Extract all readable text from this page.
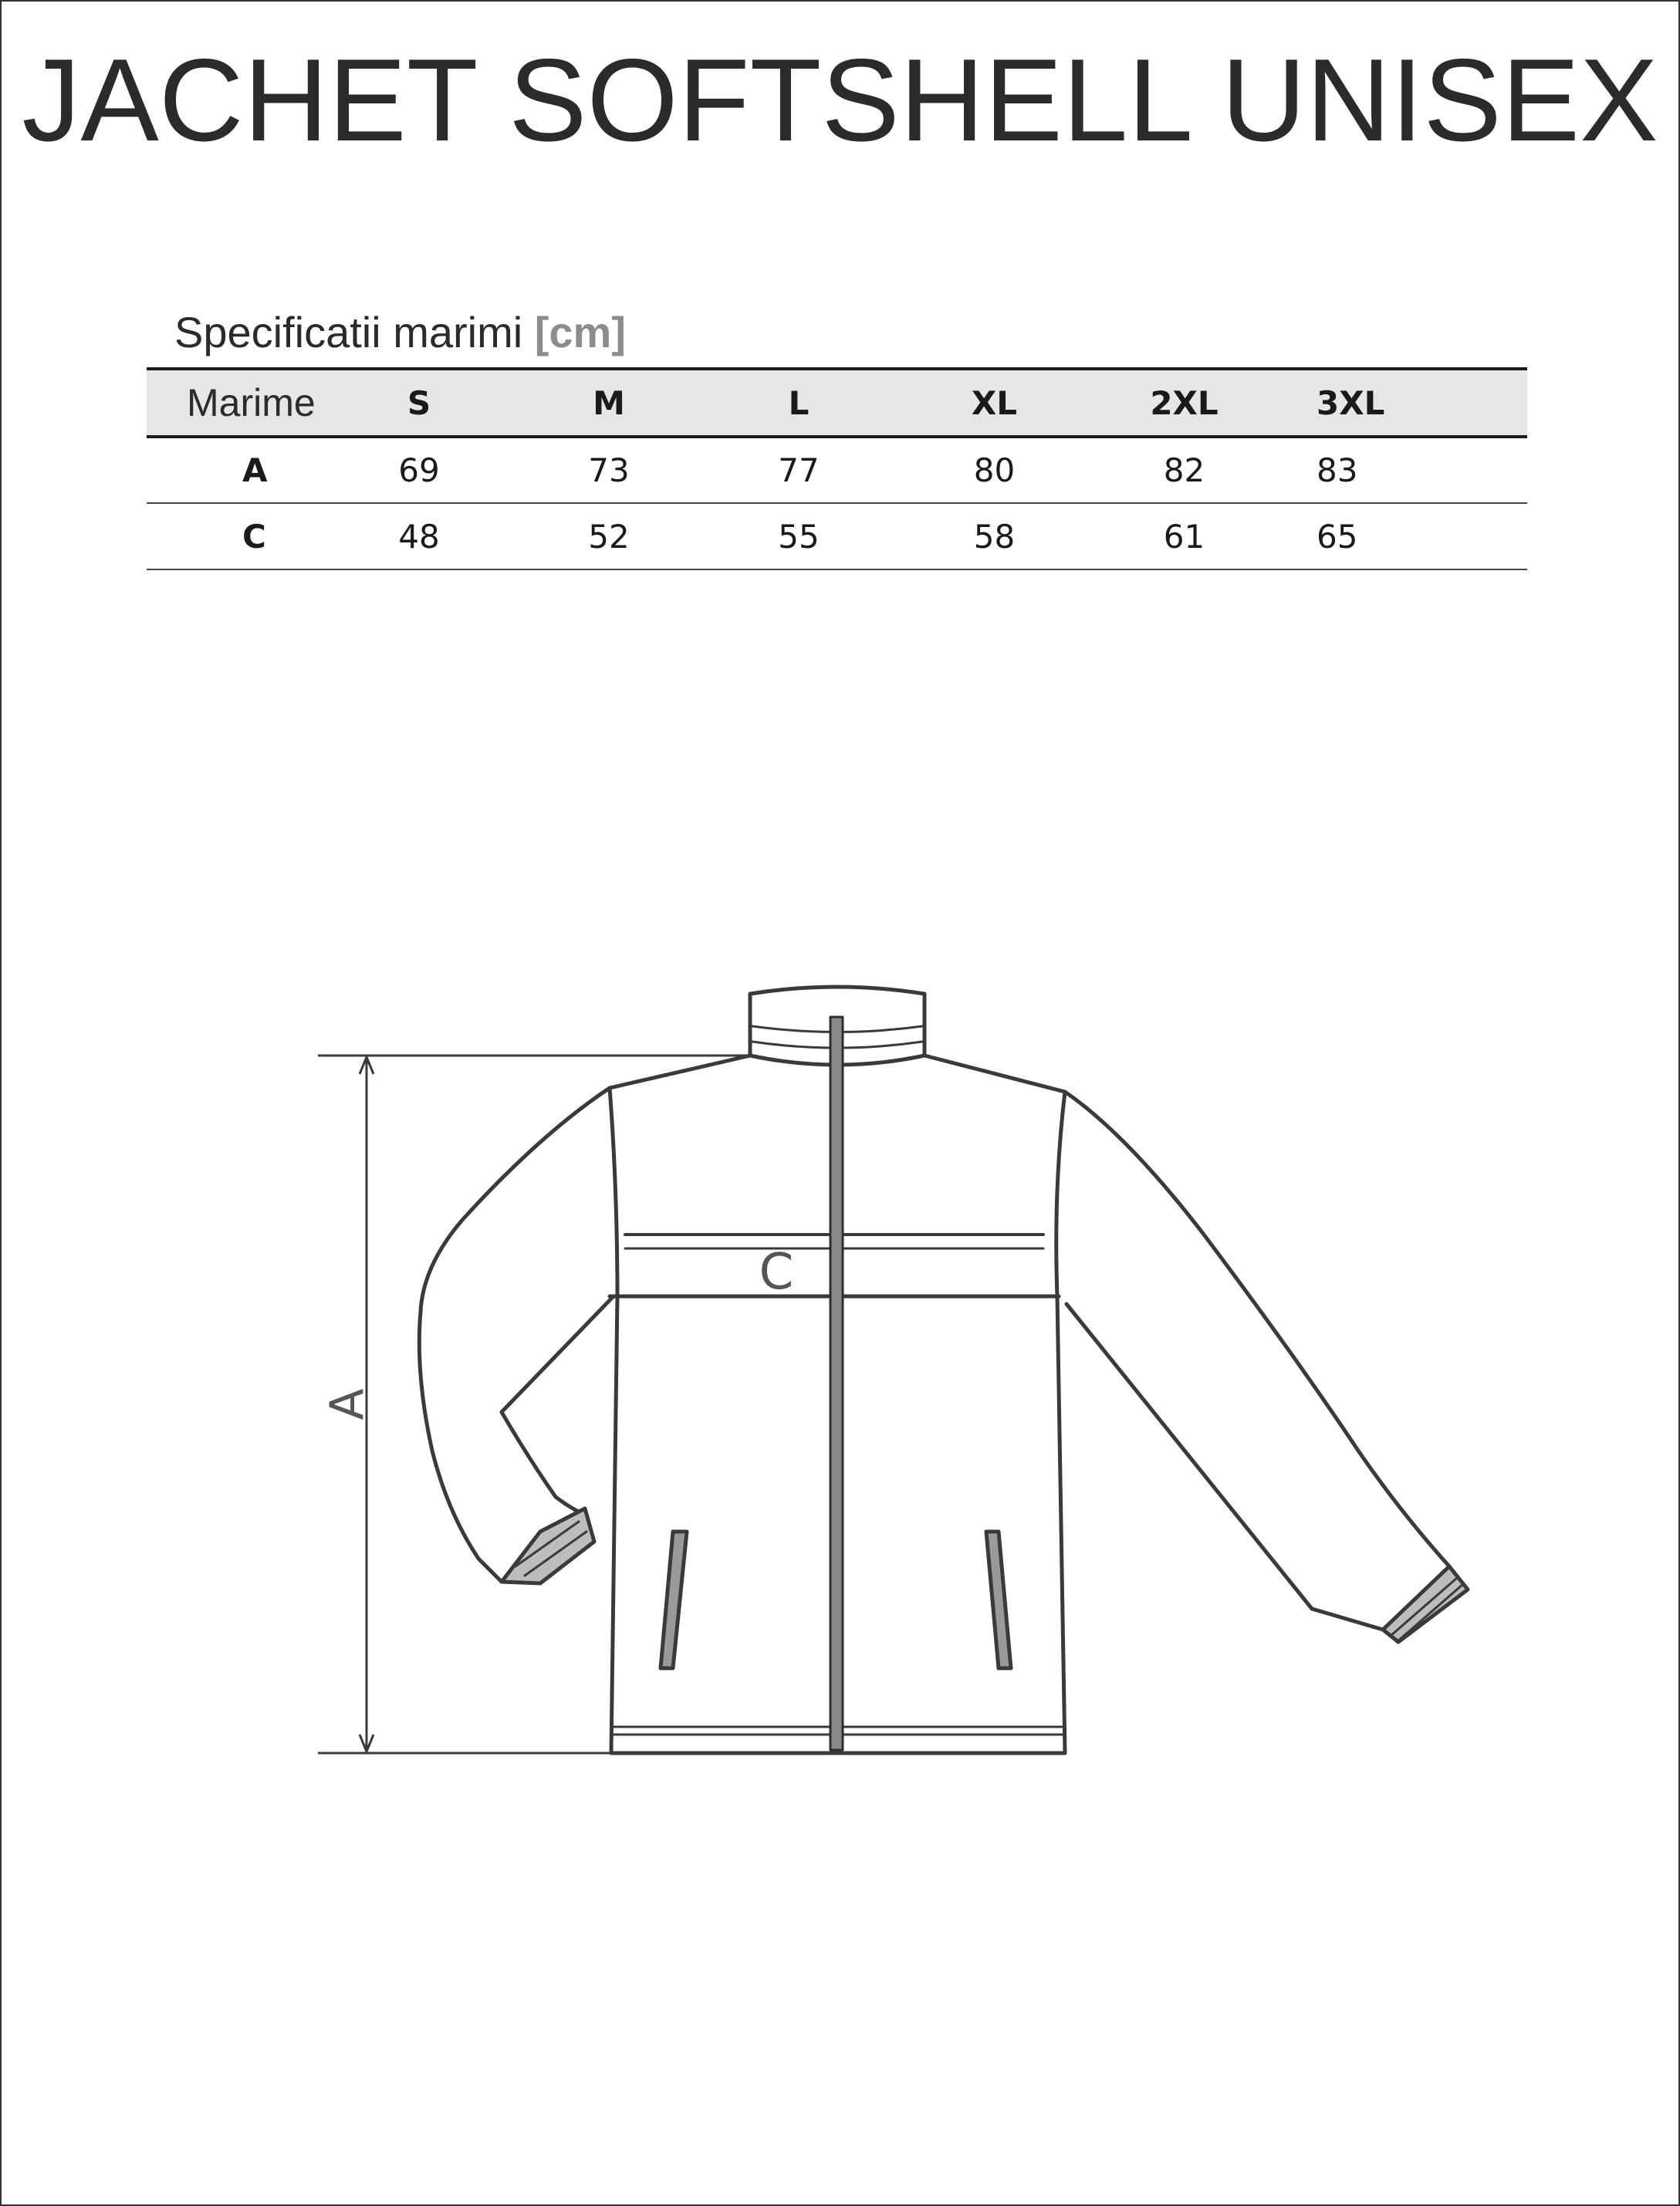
JACHET SOFTSHELL UNISEX
Specificatii marimi [cm]
Marime	S	M	L	XL	2XL	3XL
A	69	73	77	80	82	83
C	48	52	55	58	61	65
A
C
